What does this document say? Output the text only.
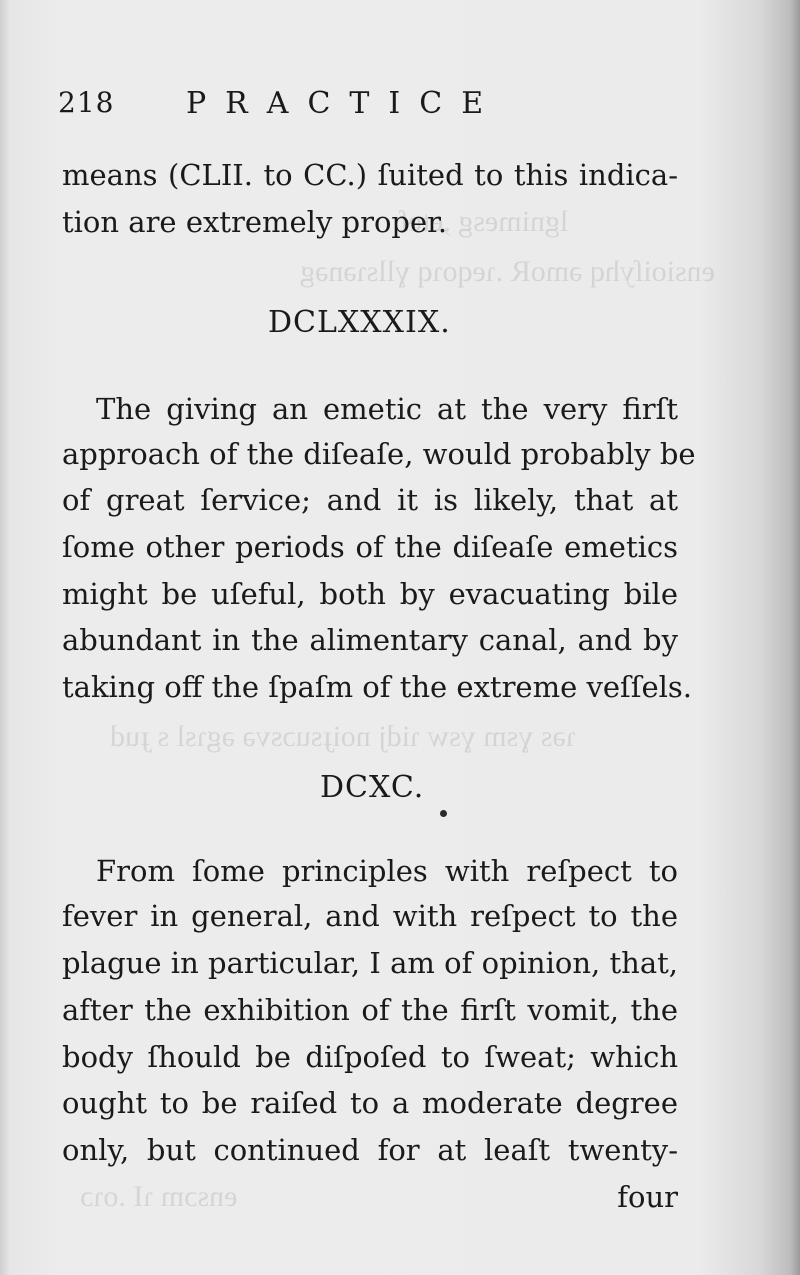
lgnimesg ,eteſ
ensioiſyhq əmoR .ɿeqoɿq ɣllsɿənəg
ɿəs ɣsm ɣsw ɿidj noiɟsuɔsvə əgɿsl s ɟud
ensɔm ɿI .oɿɔ
218 PRACTICE
means (CLII. to CC.) ſuited to this indica-
tion are extremely proper.
DCLXXXIX.
The giving an emetic at the very firſt
approach of the diſeaſe, would probably be
of great ſervice; and it is likely, that at
ſome other periods of the diſeaſe emetics
might be uſeful, both by evacuating bile
abundant in the alimentary canal, and by
taking off the ſpaſm of the extreme veſſels.
DCXC.
From ſome principles with reſpect to
fever in general, and with reſpect to the
plague in particular, I am of opinion, that,
after the exhibition of the firſt vomit, the
body ſhould be diſpoſed to ſweat; which
ought to be raiſed to a moderate degree
only, but continued for at leaſt twenty-
four
